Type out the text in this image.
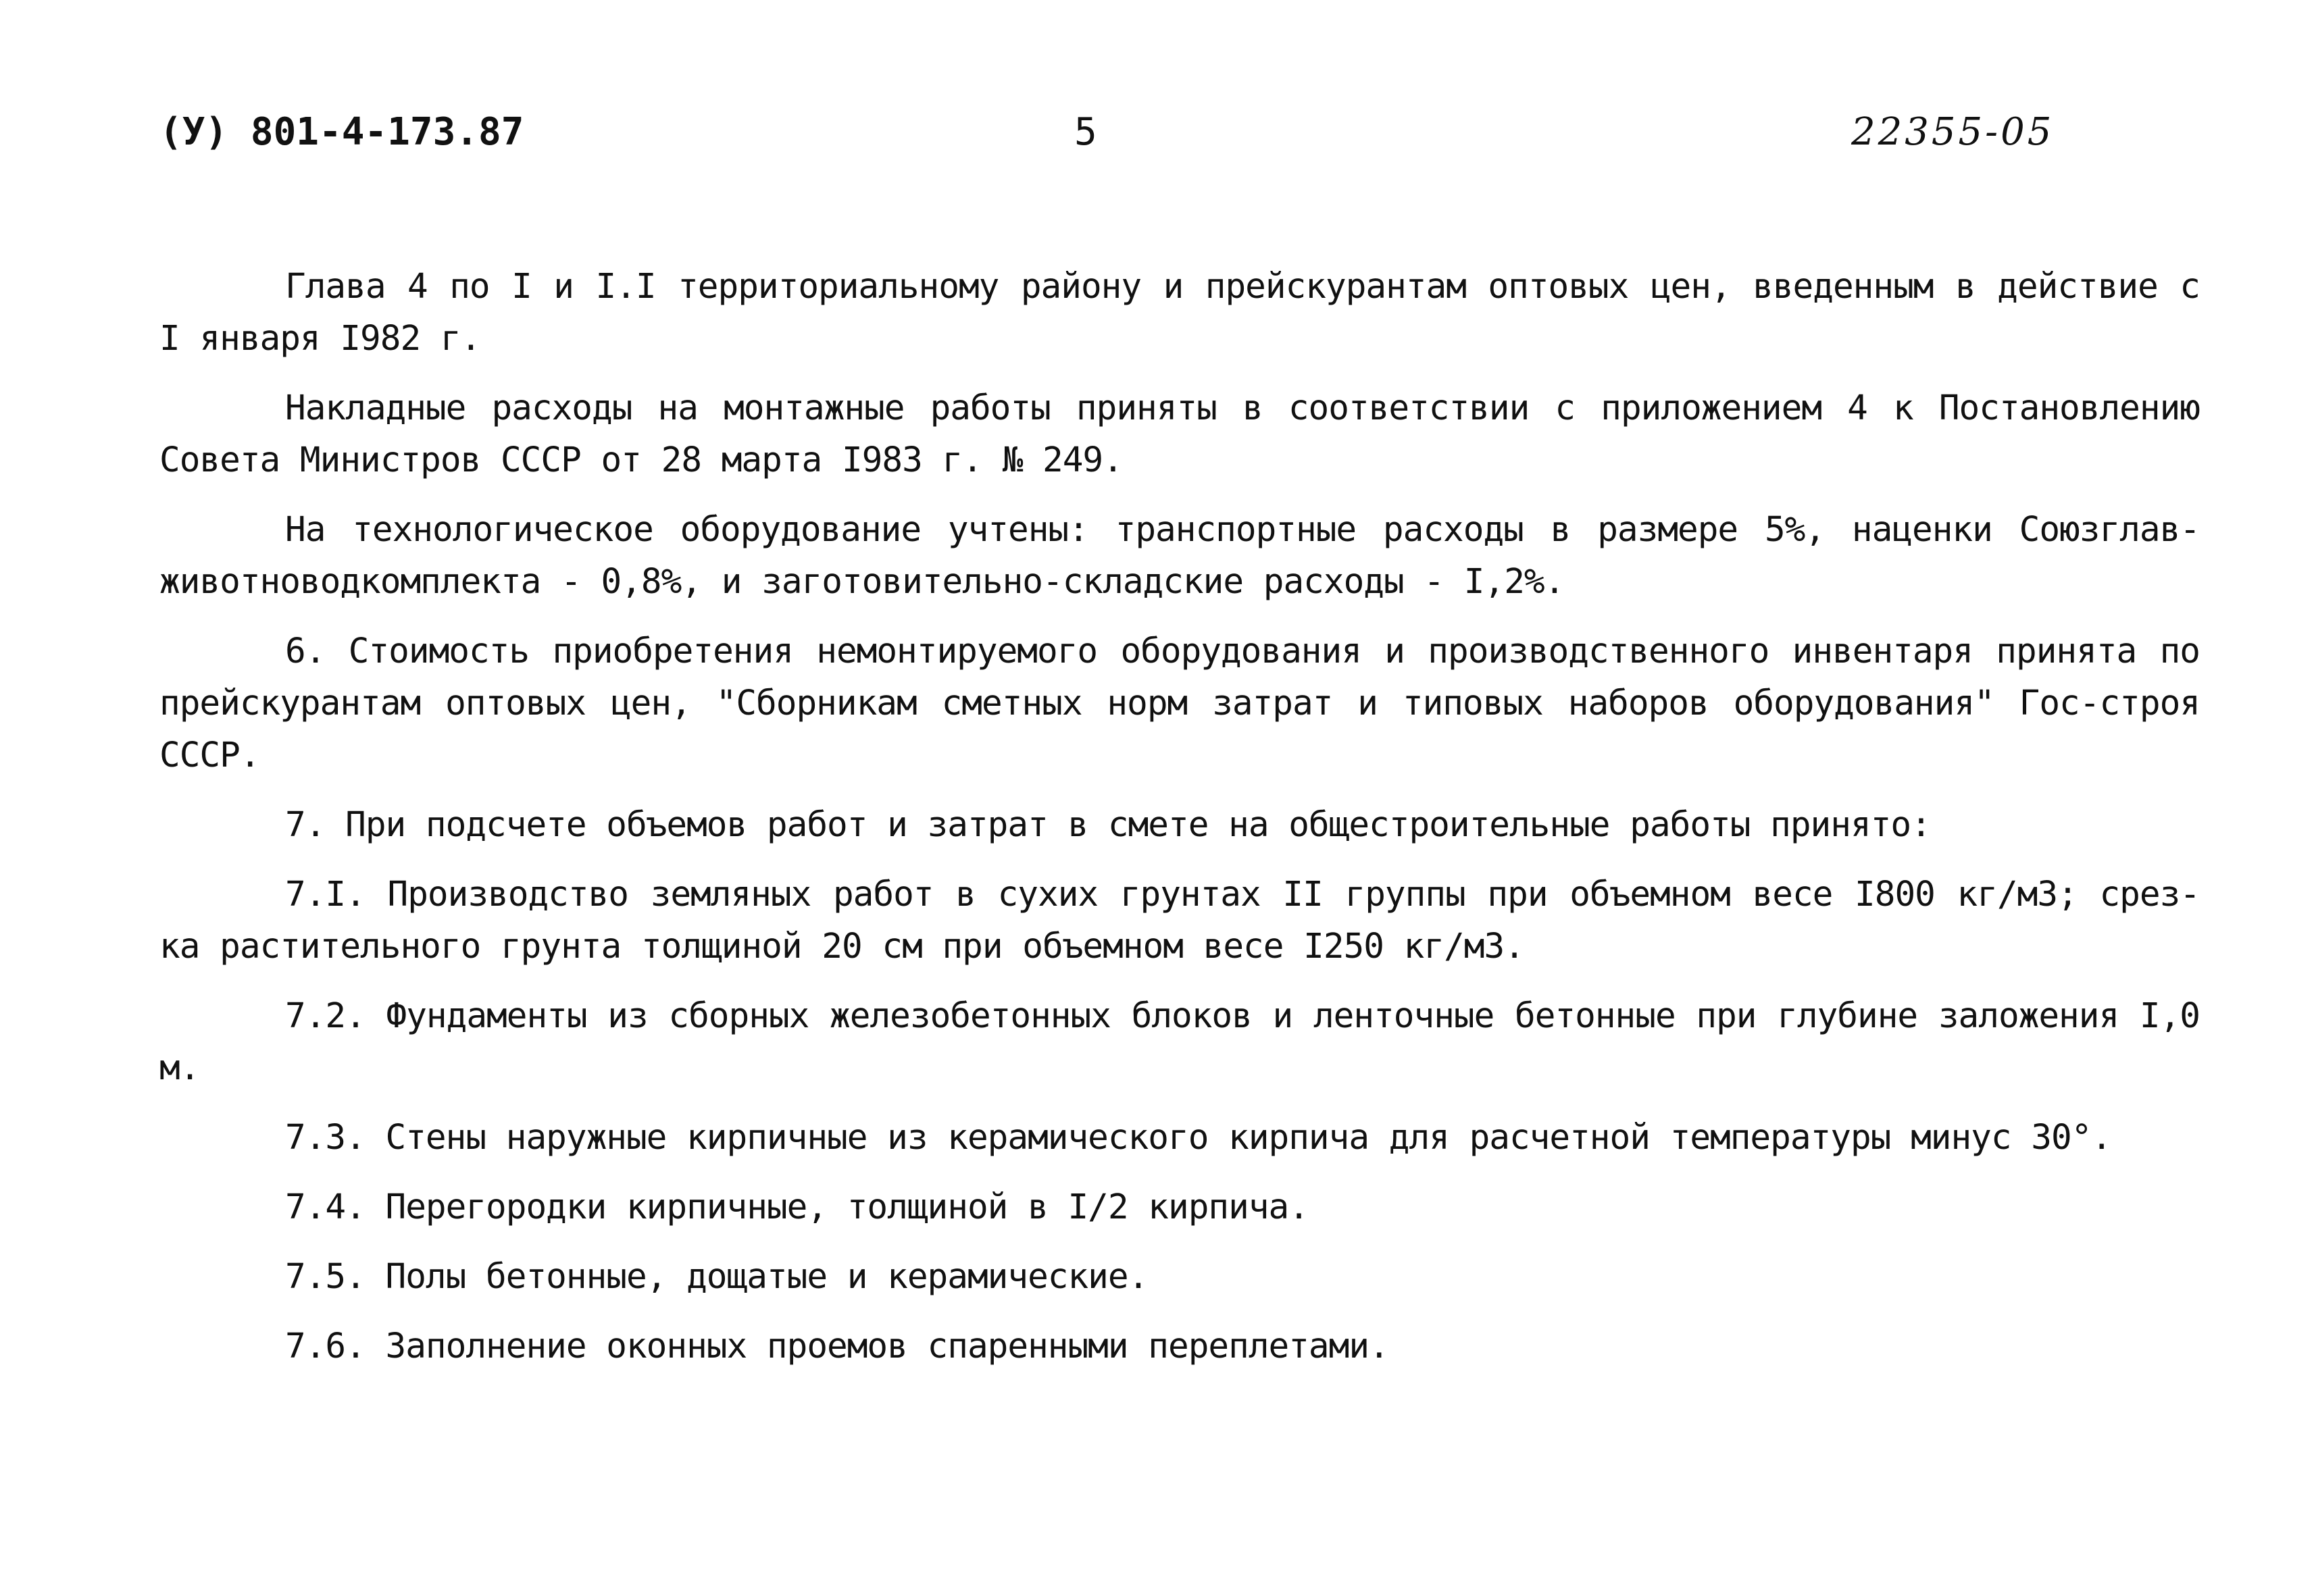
(У) 801-4-173.87	5	22355-05

Глава 4 по I и I.I территориальному району и прейскурантам оптовых цен, введенным в действие с I января I982 г.

Накладные расходы на монтажные работы приняты в соответствии с приложением 4 к Постановлению Совета Министров СССР от 28 марта I983 г. № 249.

На технологическое оборудование учтены: транспортные расходы в размере 5%, наценки Союзглав-животноводкомплекта - 0,8%, и заготовительно-складские расходы - I,2%.

6. Стоимость приобретения немонтируемого оборудования и производственного инвентаря принята по прейскурантам оптовых цен, "Сборникам сметных норм затрат и типовых наборов оборудования" Гос-строя СССР.

7. При подсчете объемов работ и затрат в смете на общестроительные работы принято:

7.I. Производство земляных работ в сухих грунтах II группы при объемном весе I800 кг/м3; срез-ка растительного грунта толщиной 20 см при объемном весе I250 кг/м3.

7.2. Фундаменты из сборных железобетонных блоков и ленточные бетонные при глубине заложения I,0 м.

7.3. Стены наружные кирпичные из керамического кирпича для расчетной температуры минус 30°.

7.4. Перегородки кирпичные, толщиной в I/2 кирпича.

7.5. Полы бетонные, дощатые и керамические.

7.6. Заполнение оконных проемов спаренными переплетами.
